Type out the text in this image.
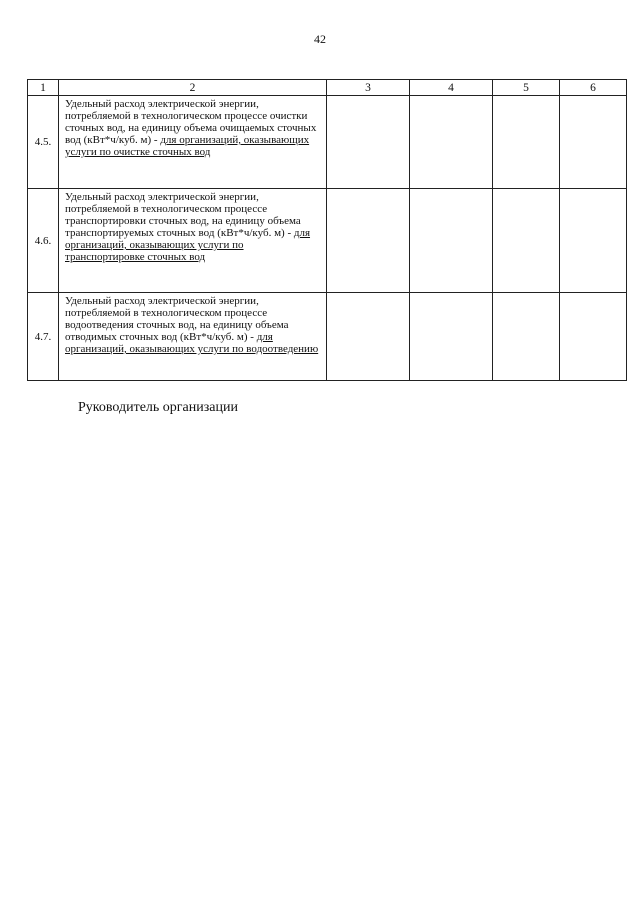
42
1	2	3	4	5	6
4.5.	Удельный расход электрической энергии, потребляемой в технологическом процессе очистки сточных вод, на единицу объема очищаемых сточных вод (кВт*ч/куб. м) - для организаций, оказывающих услуги по очистке сточных вод				
4.6.	Удельный расход электрической энергии, потребляемой в технологическом процессе транспортировки сточных вод, на единицу объема транспортируемых сточных вод (кВт*ч/куб. м) - для организаций, оказывающих услуги по транспортировке сточных вод				
4.7.	Удельный расход электрической энергии, потребляемой в технологическом процессе водоотведения сточных вод, на единицу объема отводимых сточных вод (кВт*ч/куб. м) - для организаций, оказывающих услуги по водоотведению				
Руководитель организации
